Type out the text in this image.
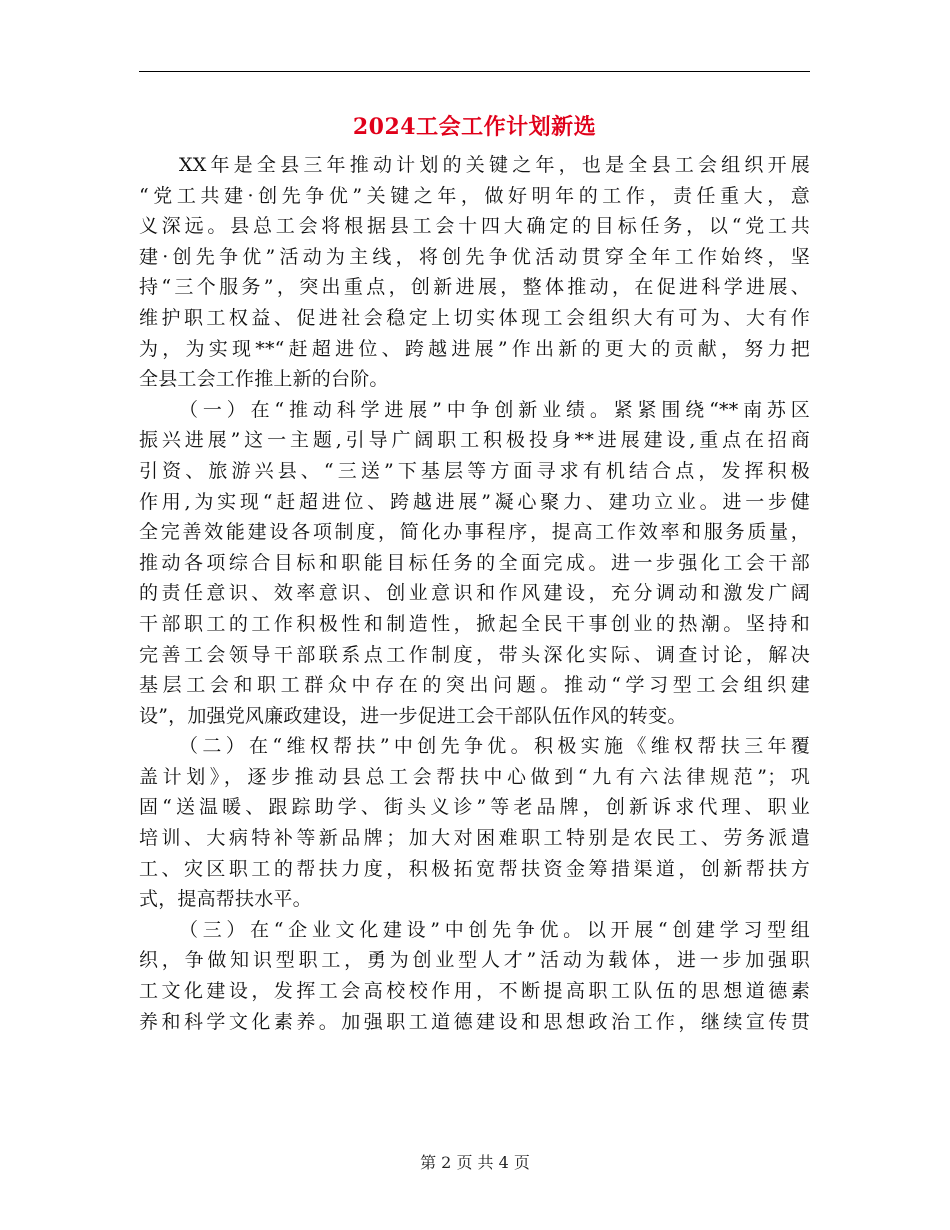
2024工会工作计划新选
XX年是全县三年推动计划的关键之年，也是全县工会组织开展
“党工共建·创先争优”关键之年，做好明年的工作，责任重大，意
义深远。县总工会将根据县工会十四大确定的目标任务，以“党工共
建·创先争优”活动为主线，将创先争优活动贯穿全年工作始终，坚
持“三个服务”，突出重点，创新进展，整体推动，在促进科学进展、
维护职工权益、促进社会稳定上切实体现工会组织大有可为、大有作
为，为实现**“赶超进位、跨越进展”作出新的更大的贡献，努力把
全县工会工作推上新的台阶。
（一）在“推动科学进展”中争创新业绩。紧紧围绕“**南苏区
振兴进展”这一主题,引导广阔职工积极投身**进展建设,重点在招商
引资、旅游兴县、“三送”下基层等方面寻求有机结合点，发挥积极
作用,为实现“赶超进位、跨越进展”凝心聚力、建功立业。进一步健
全完善效能建设各项制度，简化办事程序，提高工作效率和服务质量，
推动各项综合目标和职能目标任务的全面完成。进一步强化工会干部
的责任意识、效率意识、创业意识和作风建设，充分调动和激发广阔
干部职工的工作积极性和制造性，掀起全民干事创业的热潮。坚持和
完善工会领导干部联系点工作制度，带头深化实际、调查讨论，解决
基层工会和职工群众中存在的突出问题。推动“学习型工会组织建
设”，加强党风廉政建设，进一步促进工会干部队伍作风的转变。
（二）在“维权帮扶”中创先争优。积极实施《维权帮扶三年覆
盖计划》，逐步推动县总工会帮扶中心做到“九有六法律规范”；巩
固“送温暖、跟踪助学、街头义诊”等老品牌，创新诉求代理、职业
培训、大病特补等新品牌；加大对困难职工特别是农民工、劳务派遣
工、灾区职工的帮扶力度，积极拓宽帮扶资金筹措渠道，创新帮扶方
式，提高帮扶水平。
（三）在“企业文化建设”中创先争优。以开展“创建学习型组
织，争做知识型职工，勇为创业型人才”活动为载体，进一步加强职
工文化建设，发挥工会高校校作用，不断提高职工队伍的思想道德素
养和科学文化素养。加强职工道德建设和思想政治工作，继续宣传贯
第 2 页 共 4 页
